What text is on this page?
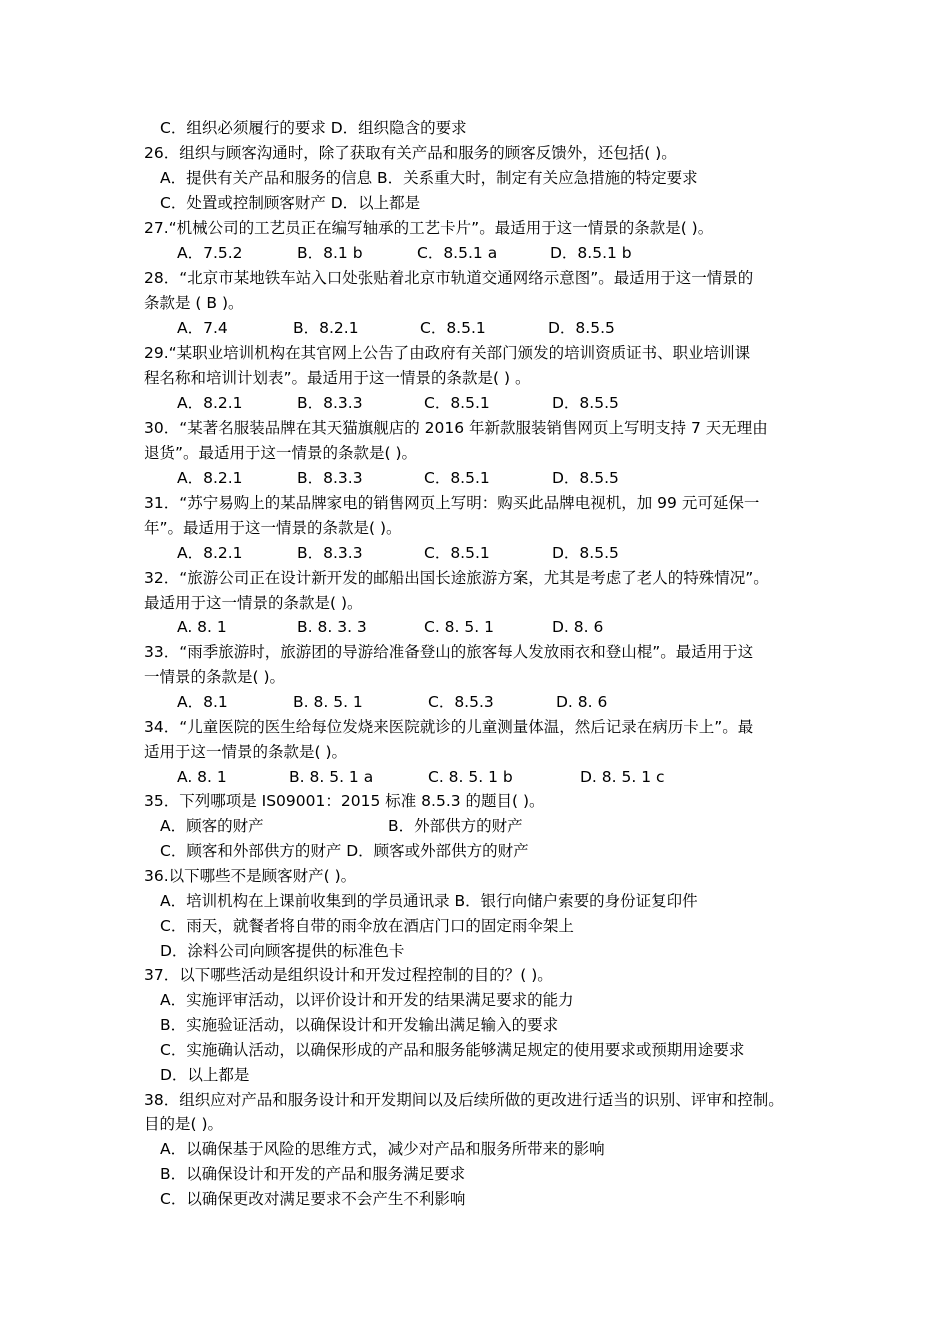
C．组织必须履行的要求 D．组织隐含的要求
26．组织与顾客沟通时，除了获取有关产品和服务的顾客反馈外，还包括( )。
A．提供有关产品和服务的信息 B．关系重大时，制定有关应急措施的特定要求
C．处置或控制顾客财产 D．以上都是
27.“机械公司的工艺员正在编写轴承的工艺卡片”。最适用于这一情景的条款是( )。
A．7.5.2	B．8.1 b	C．8.5.1 a	D．8.5.1 b
28．“北京市某地铁车站入口处张贴着北京市轨道交通网络示意图”。最适用于这一情景的
条款是 ( B )。
A．7.4	B．8.2.1	C．8.5.1	D．8.5.5
29.“某职业培训机构在其官网上公告了由政府有关部门颁发的培训资质证书、职业培训课
程名称和培训计划表”。最适用于这一情景的条款是( ) 。
A．8.2.1	B．8.3.3	C．8.5.1	D．8.5.5
30．“某著名服装品牌在其天猫旗舰店的 2016 年新款服装销售网页上写明支持 7 天无理由
退货”。最适用于这一情景的条款是( )。
A．8.2.1	B．8.3.3	C．8.5.1	D．8.5.5
31．“苏宁易购上的某品牌家电的销售网页上写明：购买此品牌电视机，加 99 元可延保一
年”。最适用于这一情景的条款是( )。
A．8.2.1	B．8.3.3	C．8.5.1	D．8.5.5
32．“旅游公司正在设计新开发的邮船出国长途旅游方案，尤其是考虑了老人的特殊情况”。
最适用于这一情景的条款是( )。
A. 8. 1	B. 8. 3. 3	C. 8. 5. 1	D. 8. 6
33．“雨季旅游时，旅游团的导游给准备登山的旅客每人发放雨衣和登山棍”。最适用于这
一情景的条款是( )。
A．8.1	B. 8. 5. 1	C．8.5.3	D. 8. 6
34．“儿童医院的医生给每位发烧来医院就诊的儿童测量体温，然后记录在病历卡上”。最
适用于这一情景的条款是( )。
A. 8. 1	B. 8. 5. 1 a	C. 8. 5. 1 b	D. 8. 5. 1 c
35．下列哪项是 IS09001：2015 标准 8.5.3 的题目( )。
A．顾客的财产	B．外部供方的财产
C．顾客和外部供方的财产 D．顾客或外部供方的财产
36.以下哪些不是顾客财产( )。
A．培训机构在上课前收集到的学员通讯录 B．银行向储户索要的身份证复印件
C．雨天，就餐者将自带的雨伞放在酒店门口的固定雨伞架上
D．涂料公司向顾客提供的标准色卡
37．以下哪些活动是组织设计和开发过程控制的目的？( )。
A．实施评审活动，以评价设计和开发的结果满足要求的能力
B．实施验证活动，以确保设计和开发输出满足输入的要求
C．实施确认活动，以确保形成的产品和服务能够满足规定的使用要求或预期用途要求
D．以上都是
38．组织应对产品和服务设计和开发期间以及后续所做的更改进行适当的识别、评审和控制。
目的是( )。
A．以确保基于风险的思维方式，减少对产品和服务所带来的影响
B．以确保设计和开发的产品和服务满足要求
C．以确保更改对满足要求不会产生不利影响
